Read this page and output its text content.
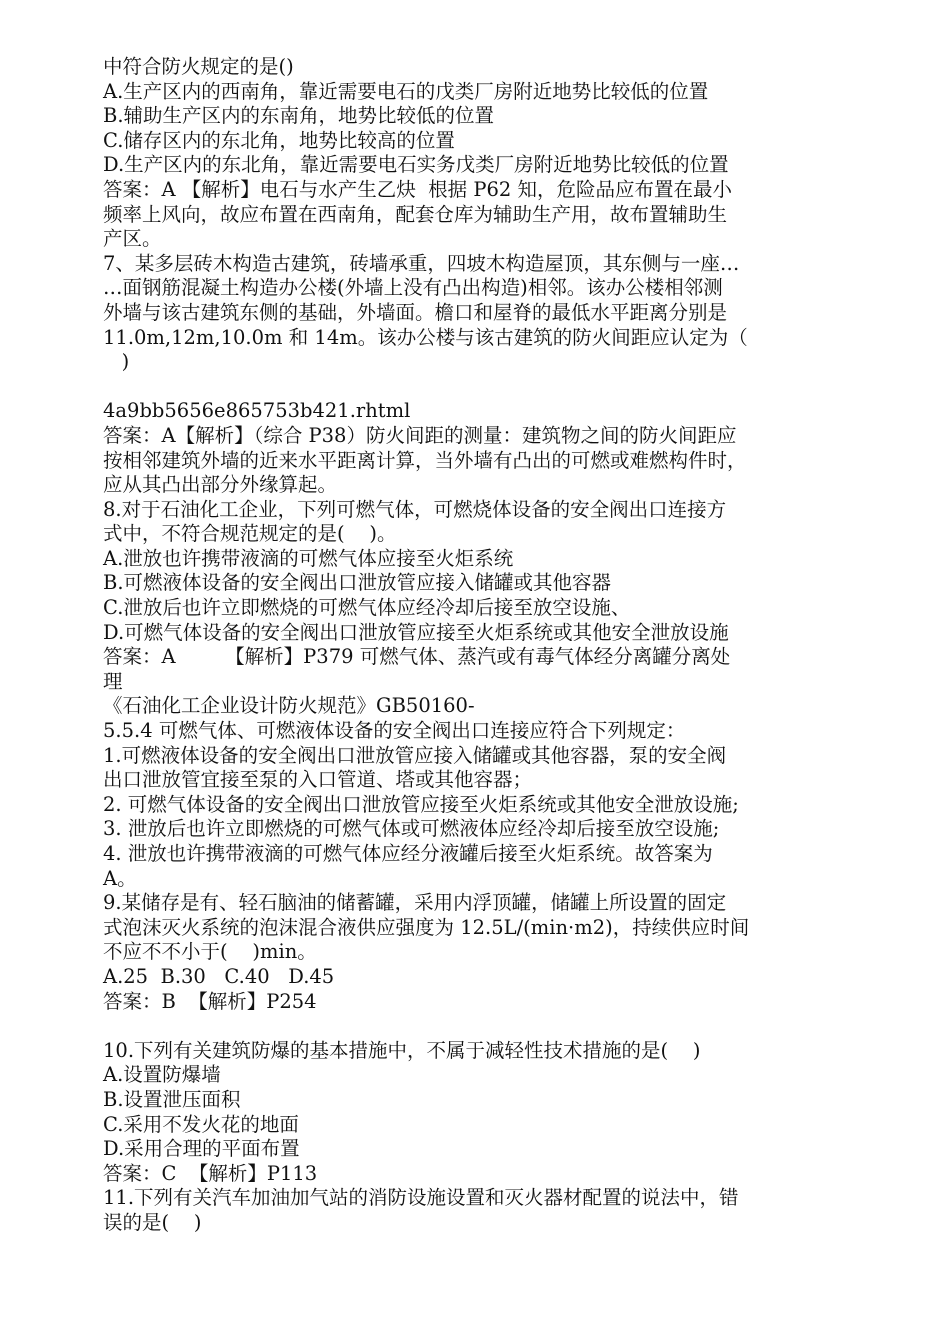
中符合防火规定的是()
A.生产区内的西南角，靠近需要电石的戊类厂房附近地势比较低的位置
B.辅助生产区内的东南角，地势比较低的位置
C.储存区内的东北角，地势比较高的位置
D.生产区内的东北角，靠近需要电石实务戊类厂房附近地势比较低的位置
答案：A 【解析】电石与水产生乙炔  根据 P62 知，危险品应布置在最小
频率上风向，故应布置在西南角，配套仓库为辅助生产用，故布置辅助生
产区。
7、某多层砖木构造古建筑，砖墙承重，四坡木构造屋顶，其东侧与一座…
…面钢筋混凝土构造办公楼(外墙上没有凸出构造)相邻。该办公楼相邻测
外墙与该古建筑东侧的基础，外墙面。檐口和屋脊的最低水平距离分别是
11.0m,12m,10.0m 和 14m。该办公楼与该古建筑的防火间距应认定为（
)
4a9bb5656e865753b421.rhtml
答案：A【解析】（综合 P38）防火间距的测量：建筑物之间的防火间距应
按相邻建筑外墙的近来水平距离计算，当外墙有凸出的可燃或难燃构件时，
应从其凸出部分外缘算起。
8.对于石油化工企业，下列可燃气体，可燃烧体设备的安全阀出口连接方
式中，不符合规范规定的是(    )。
A.泄放也许携带液滴的可燃气体应接至火炬系统
B.可燃液体设备的安全阀出口泄放管应接入储罐或其他容器
C.泄放后也许立即燃烧的可燃气体应经冷却后接至放空设施、
D.可燃气体设备的安全阀出口泄放管应接至火炬系统或其他安全泄放设施
答案：A        【解析】P379 可燃气体、蒸汽或有毒气体经分离罐分离处
理
《石油化工企业设计防火规范》GB50160-
5.5.4 可燃气体、可燃液体设备的安全阀出口连接应符合下列规定：
1.可燃液体设备的安全阀出口泄放管应接入储罐或其他容器，泵的安全阀
出口泄放管宜接至泵的入口管道、塔或其他容器；
2. 可燃气体设备的安全阀出口泄放管应接至火炬系统或其他安全泄放设施;
3. 泄放后也许立即燃烧的可燃气体或可燃液体应经冷却后接至放空设施;
4. 泄放也许携带液滴的可燃气体应经分液罐后接至火炬系统。故答案为
A。
9.某储存是有、轻石脑油的储蓄罐，采用内浮顶罐，储罐上所设置的固定
式泡沫灭火系统的泡沫混合液供应强度为 12.5L/(min·m2)，持续供应时间
不应不不小于(    )min。
A.25  B.30   C.40   D.45
答案：B  【解析】P254
10.下列有关建筑防爆的基本措施中，不属于减轻性技术措施的是(    )
A.设置防爆墙
B.设置泄压面积
C.采用不发火花的地面
D.采用合理的平面布置
答案：C  【解析】P113
11.下列有关汽车加油加气站的消防设施设置和灭火器材配置的说法中，错
误的是(    )
